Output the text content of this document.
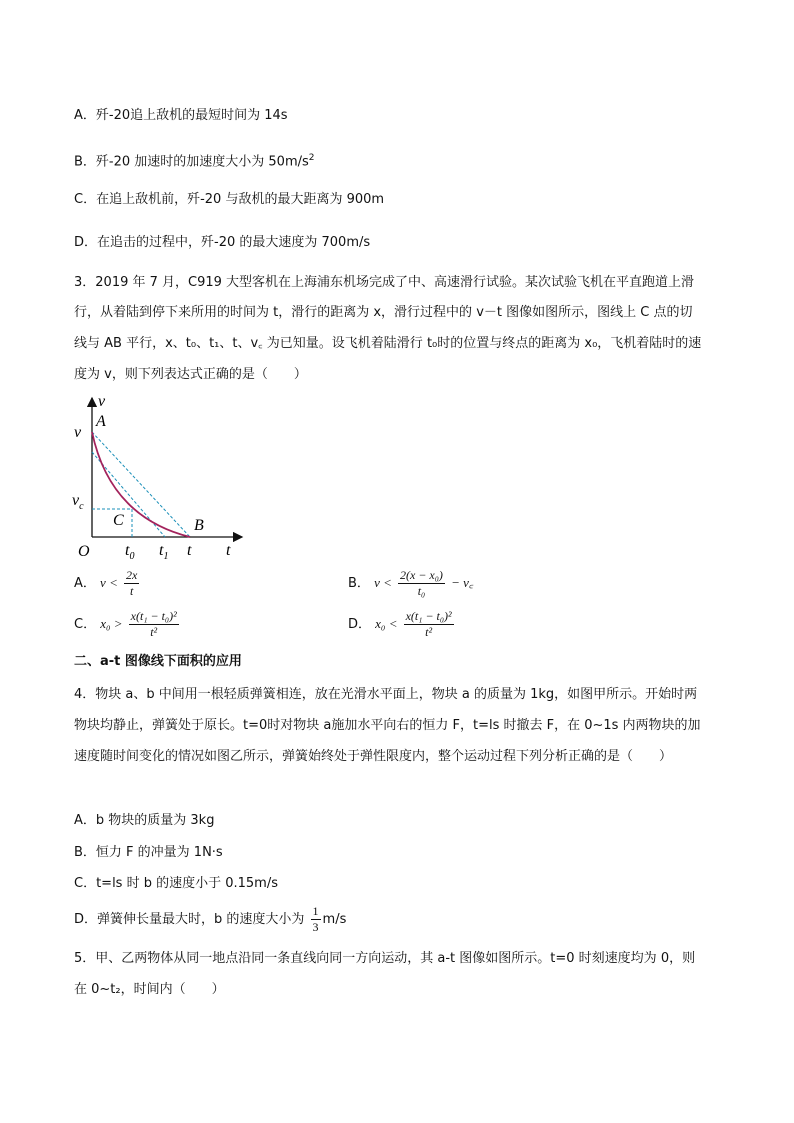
A．歼-20追上敌机的最短时间为 14s
B．歼-20 加速时的加速度大小为 $50m/s^2$
C．在追上敌机前，歼-20 与敌机的最大距离为 900m
D．在追击的过程中，歼-20 的最大速度为 700m/s
3．2019 年 7 月，C919 大型客机在上海浦东机场完成了中、高速滑行试验。某次试验飞机在平直跑道上滑
行，从着陆到停下来所用的时间为 t，滑行的距离为 x，滑行过程中的 v－t 图像如图所示，图线上 C 点的切
线与 AB 平行，x、t₀、t₁、t、v꜀ 为已知量。设飞机着陆滑行 t₀时的位置与终点的距离为 x₀，飞机着陆时的速
度为 v，则下列表达式正确的是（　　）
v
A
v
$v_c$
C	B
O $t_0$ $t_1$ t t
A． $v < \frac{2x}{t}$	B． $v < \frac{\text{2(x − x₀)}}{\text{t₀}}$ − v꜀
C． $x_0 > \frac{\text{x(t₁ − t₀)²}}{\text{t²}}$	D． $x_0 < \frac{\text{x(t₁ − t₀)²}}{\text{t²}}$
二、a-t 图像线下面积的应用
4．物块 a、b 中间用一根轻质弹簧相连，放在光滑水平面上，物块 a 的质量为 1kg，如图甲所示。开始时两
物块均静止，弹簧处于原长。t=0时对物块 a施加水平向右的恒力 F，t=ls 时撤去 F，在 0~1s 内两物块的加
速度随时间变化的情况如图乙所示，弹簧始终处于弹性限度内，整个运动过程下列分析正确的是（　　）
A．b 物块的质量为 3kg
B．恒力 F 的冲量为 1N·s
C．t=ls 时 b 的速度小于 0.15m/s
D．弹簧伸长量最大时，b 的速度大小为 $\frac{1}{3} m/s$
5．甲、乙两物体从同一地点沿同一条直线向同一方向运动，其 a-t 图像如图所示。t=0 时刻速度均为 0，则
在 0~t₂，时间内（　　）
